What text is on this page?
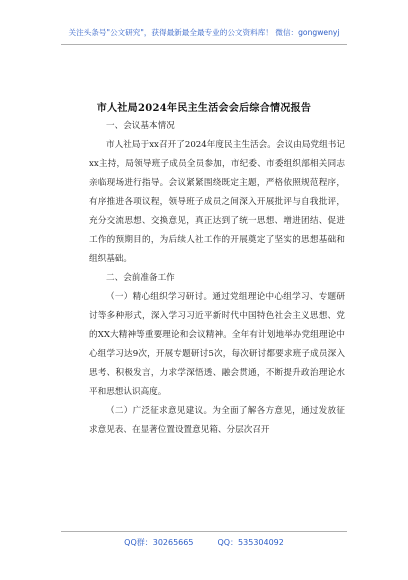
关注头条号"公文研究"，获得最新最全最专业的公文资料库！ 微信：gongwenyj
市人社局2024年民主生活会会后综合情况报告

一、会议基本情况

市人社局于xx召开了2024年度民主生活会。会议由局党组书记xx主持，局领导班子成员全员参加，市纪委、市委组织部相关同志亲临现场进行指导。会议紧紧围绕既定主题，严格依照规范程序，有序推进各项议程，领导班子成员之间深入开展批评与自我批评，充分交流思想、交换意见，真正达到了统一思想、增进团结、促进工作的预期目的，为后续人社工作的开展奠定了坚实的思想基础和组织基础。

二、会前准备工作

（一）精心组织学习研讨。通过党组理论中心组学习、专题研讨等多种形式，深入学习习近平新时代中国特色社会主义思想、党的XX大精神等重要理论和会议精神。全年有计划地举办党组理论中心组学习达9次，开展专题研讨5次，每次研讨都要求班子成员深入思考、积极发言，力求学深悟透、融会贯通，不断提升政治理论水平和思想认识高度。

（二）广泛征求意见建议。为全面了解各方意见，通过发放征求意见表、在显著位置设置意见箱、分层次召开

QQ群：30265665	QQ：535304092
